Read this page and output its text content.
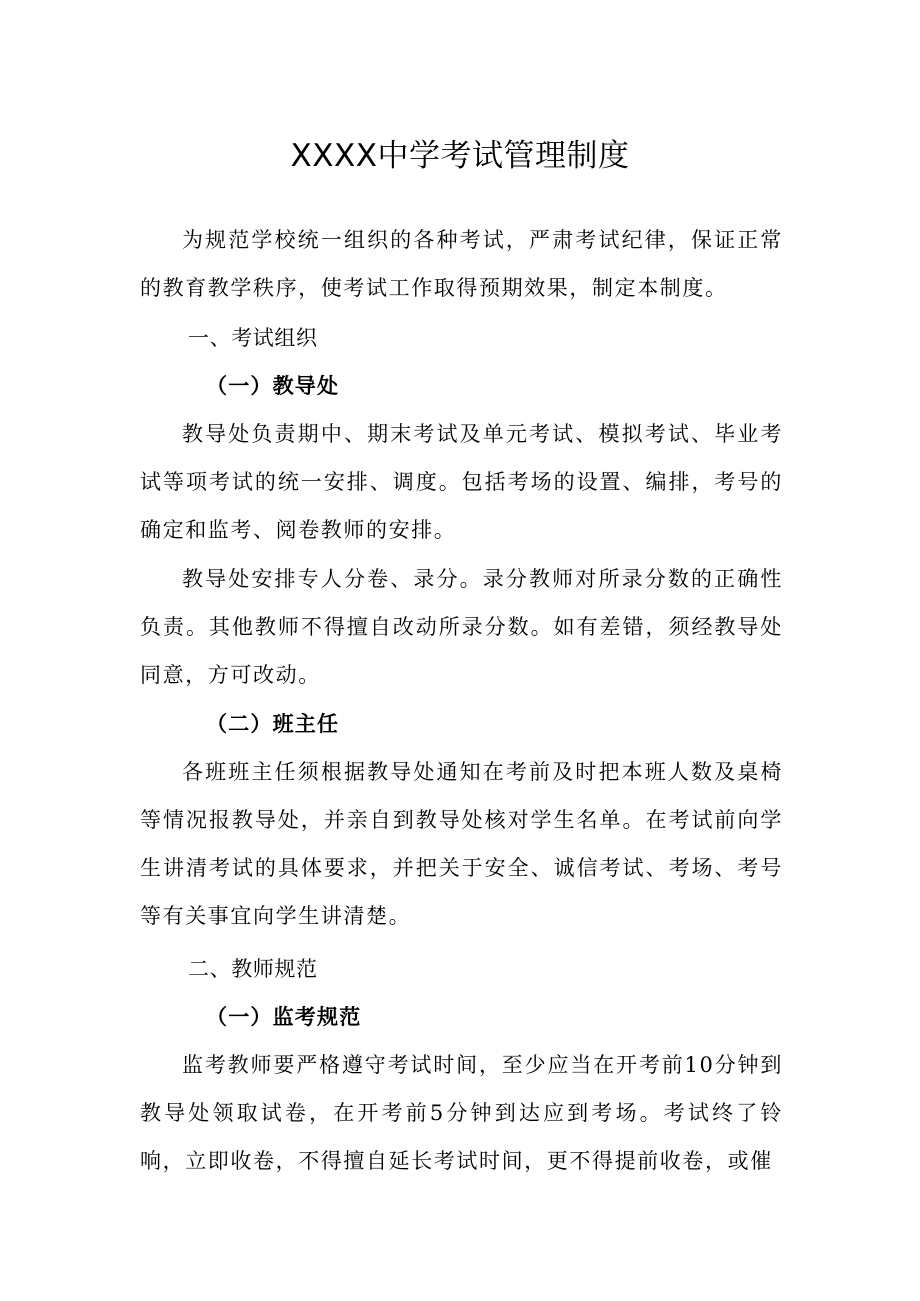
XXXX中学考试管理制度

为规范学校统一组织的各种考试，严肃考试纪律，保证正常的教育教学秩序，使考试工作取得预期效果，制定本制度。

一、考试组织
（一）教导处

教导处负责期中、期末考试及单元考试、模拟考试、毕业考试等项考试的统一安排、调度。包括考场的设置、编排，考号的确定和监考、阅卷教师的安排。

教导处安排专人分卷、录分。录分教师对所录分数的正确性负责。其他教师不得擅自改动所录分数。如有差错，须经教导处同意，方可改动。

（二）班主任

各班班主任须根据教导处通知在考前及时把本班人数及桌椅等情况报教导处，并亲自到教导处核对学生名单。在考试前向学生讲清考试的具体要求，并把关于安全、诚信考试、考场、考号等有关事宜向学生讲清楚。

二、教师规范
（一）监考规范

监考教师要严格遵守考试时间，至少应当在开考前10分钟到教导处领取试卷，在开考前5分钟到达应到考场。考试终了铃响，立即收卷，不得擅自延长考试时间，更不得提前收卷，或催
